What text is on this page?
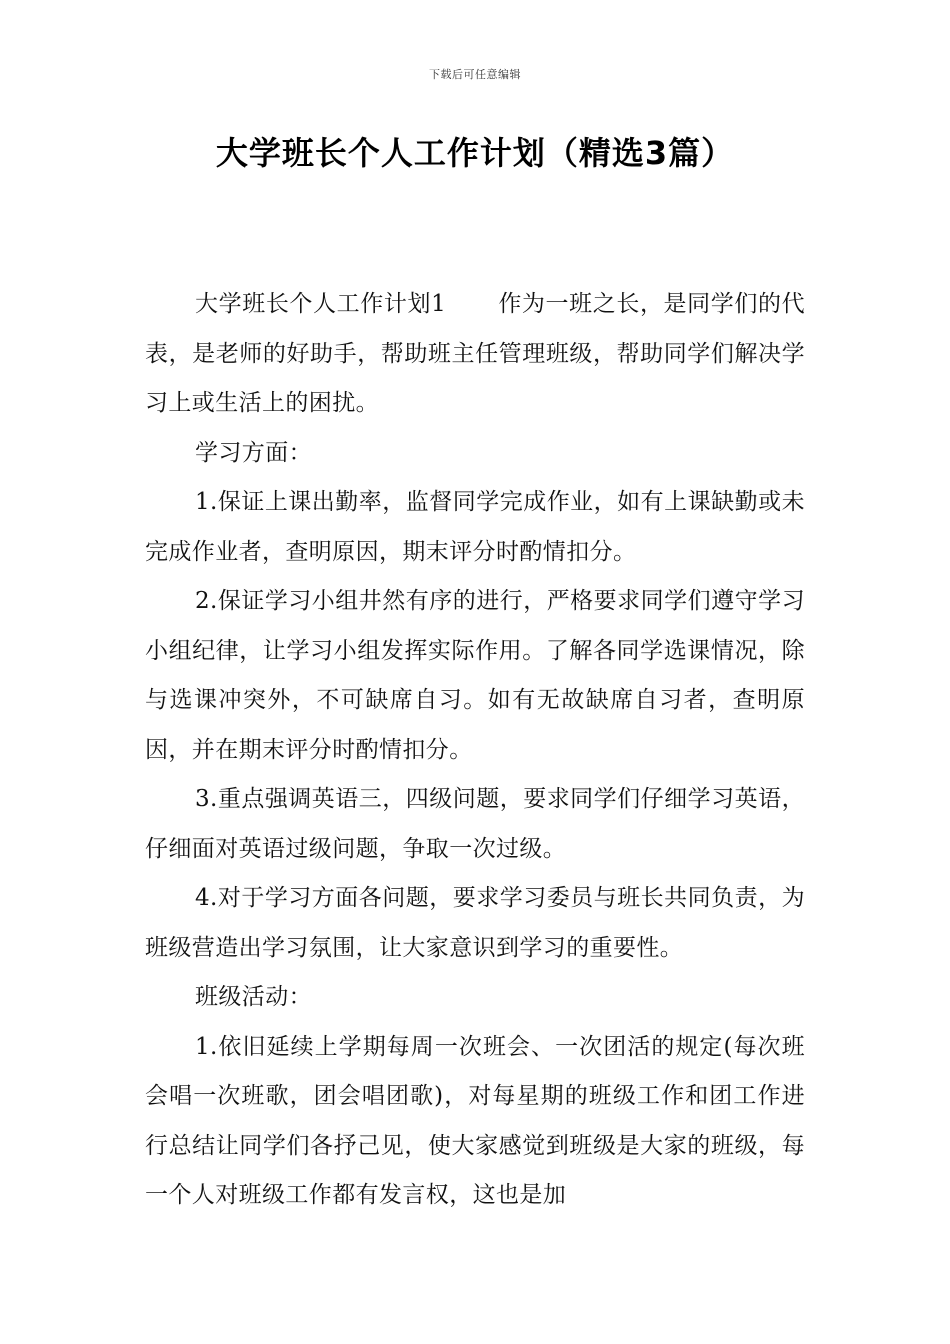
下载后可任意编辑
大学班长个人工作计划（精选3篇）

大学班长个人工作计划1 作为一班之长，是同学们的代表，是老师的好助手，帮助班主任管理班级，帮助同学们解决学习上或生活上的困扰。

学习方面：

1.保证上课出勤率，监督同学完成作业，如有上课缺勤或未完成作业者，查明原因，期末评分时酌情扣分。

2.保证学习小组井然有序的进行，严格要求同学们遵守学习小组纪律，让学习小组发挥实际作用。了解各同学选课情况，除与选课冲突外，不可缺席自习。如有无故缺席自习者，查明原因，并在期末评分时酌情扣分。

3.重点强调英语三，四级问题，要求同学们仔细学习英语，仔细面对英语过级问题，争取一次过级。

4.对于学习方面各问题，要求学习委员与班长共同负责，为班级营造出学习氛围，让大家意识到学习的重要性。

班级活动：

1.依旧延续上学期每周一次班会、一次团活的规定(每次班会唱一次班歌，团会唱团歌)，对每星期的班级工作和团工作进行总结让同学们各抒己见，使大家感觉到班级是大家的班级，每一个人对班级工作都有发言权，这也是加
